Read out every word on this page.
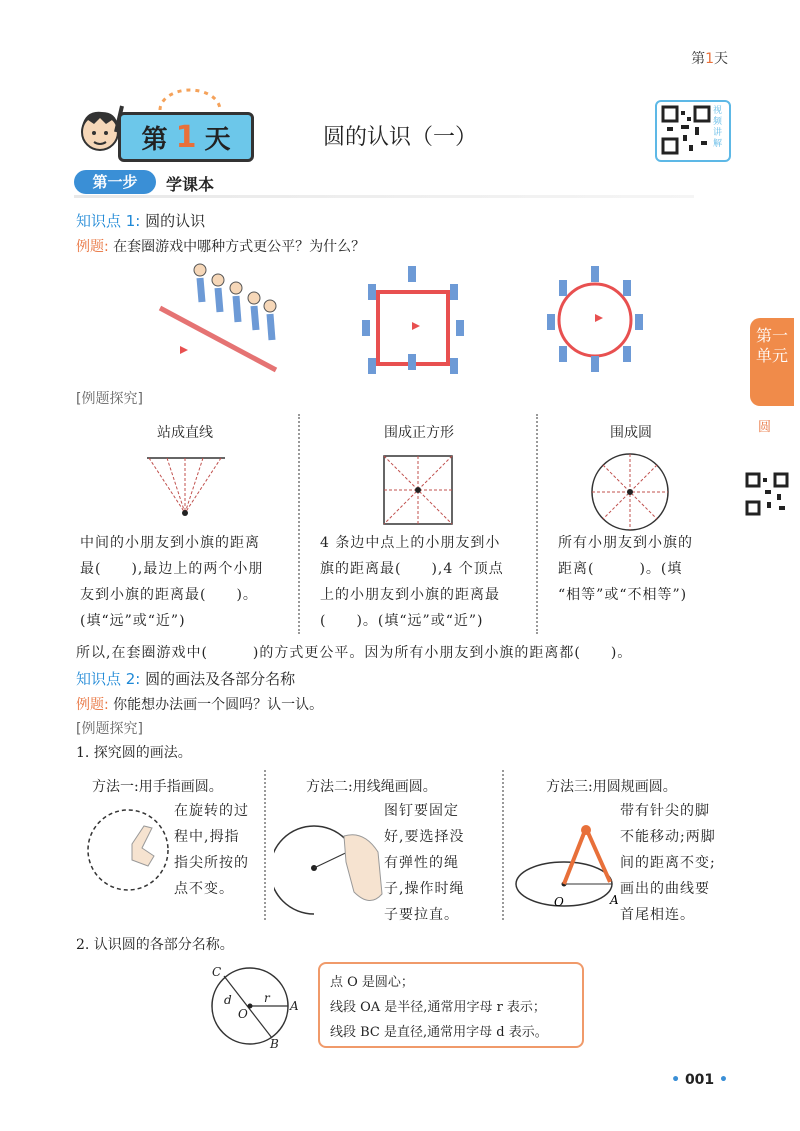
第1天
第 1 天	圆的认识（一）
视频讲解
第一步	学课本
知识点 1: 圆的认识
例题: 在套圈游戏中哪种方式更公平？为什么？
第一单元
圆
[例题探究]
站成直线	围成正方形	围成圆
中间的小朋友到小旗的距离
最(　　),最边上的两个小朋
友到小旗的距离最(　　)。
(填“远”或“近”)
4 条边中点上的小朋友到小
旗的距离最(　　),4 个顶点
上的小朋友到小旗的距离最
(　　)。(填“远”或“近”)
所有小朋友到小旗的
距离(　　　)。(填
“相等”或“不相等”)
所以,在套圈游戏中(　　　)的方式更公平。因为所有小朋友到小旗的距离都(　　)。
知识点 2: 圆的画法及各部分名称
例题: 你能想办法画一个圆吗？认一认。
[例题探究]
1. 探究圆的画法。
方法一:用手指画圆。	方法二:用线绳画圆。	方法三:用圆规画圆。
在旋转的过
程中,拇指
指尖所按的
点不变。
图钉要固定
好,要选择没
有弹性的绳
子,操作时绳
子要拉直。
O	A
带有针尖的脚
不能移动;两脚
间的距离不变;
画出的曲线要
首尾相连。
2. 认识圆的各部分名称。
C
d	r
O
A
B
点 O 是圆心；
线段 OA 是半径,通常用字母 r 表示；
线段 BC 是直径,通常用字母 d 表示。
• 001 •
